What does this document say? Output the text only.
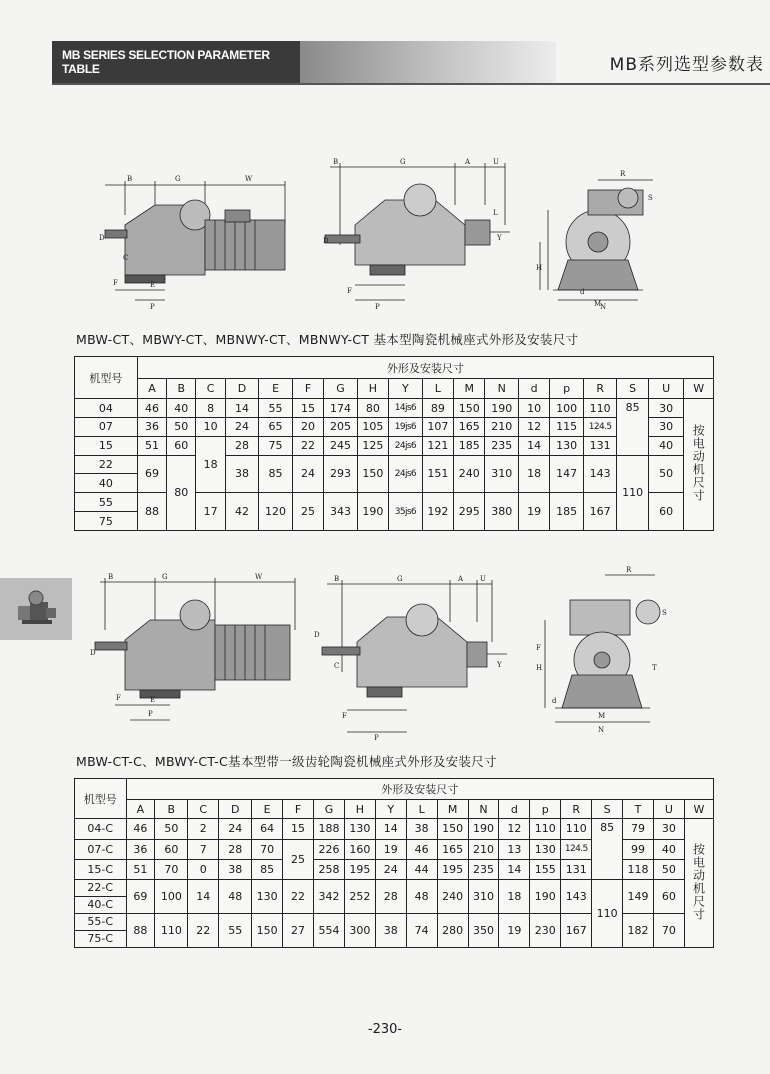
MB SERIES SELECTION PARAMETER TABLE	MB系列选型参数表
B	G	W
C
D
E
F
P
B	G	A	U
D
F
P
Y
L
R
S
H
d
M
N
MBW-CT、MBWY-CT、MBNWY-CT、MBNWY-CT 基本型陶瓷机械座式外形及安装尺寸
机型号	外形及安装尺寸																	
	A	B	C	D	E	F	G	H	Y	L	M	N	d	p	R	S	U	W
04	46	40	8	14	55	15	174	80	14js6	89	150	190	10	100	110	85	30	按电动机尺寸
07	36	50	10	24	65	20	205	105	19js6	107	165	210	12	115	124.5		30	
15	51	60	18	28	75	22	245	125	24js6	121	185	235	14	130	131		40	
22	69	80		38	85	24	293	150	24js6	151	240	310	18	147	143	110	50	
40																		
55	88		17	42	120	25	343	190	35js6	192	295	380	19	185	167		60	
75																		
B	G	W
D
E
F
P
B	G	A U
D
C
F
P
Y
R
S
T
H
F
d
M
N
MBW-CT-C、MBWY-CT-C基本型带一级齿轮陶瓷机械座式外形及安装尺寸
机型号	外形及安装尺寸																		
	A	B	C	D	E	F	G	H	Y	L	M	N	d	p	R	S	T	U	W
04-C	46	50	2	24	64	15	188	130	14	38	150	190	12	110	110	85	79	30	按电动机尺寸
07-C	36	60	7	28	70	25	226	160	19	46	165	210	13	130	124.5		99	40	
15-C	51	70	0	38	85		258	195	24	44	195	235	14	155	131		118	50	
22-C	69	100	14	48	130	22	342	252	28	48	240	310	18	190	143	110	149	60	
40-C																			
55-C	88	110	22	55	150	27	554	300	38	74	280	350	19	230	167		182	70	
75-C																			
-230-
